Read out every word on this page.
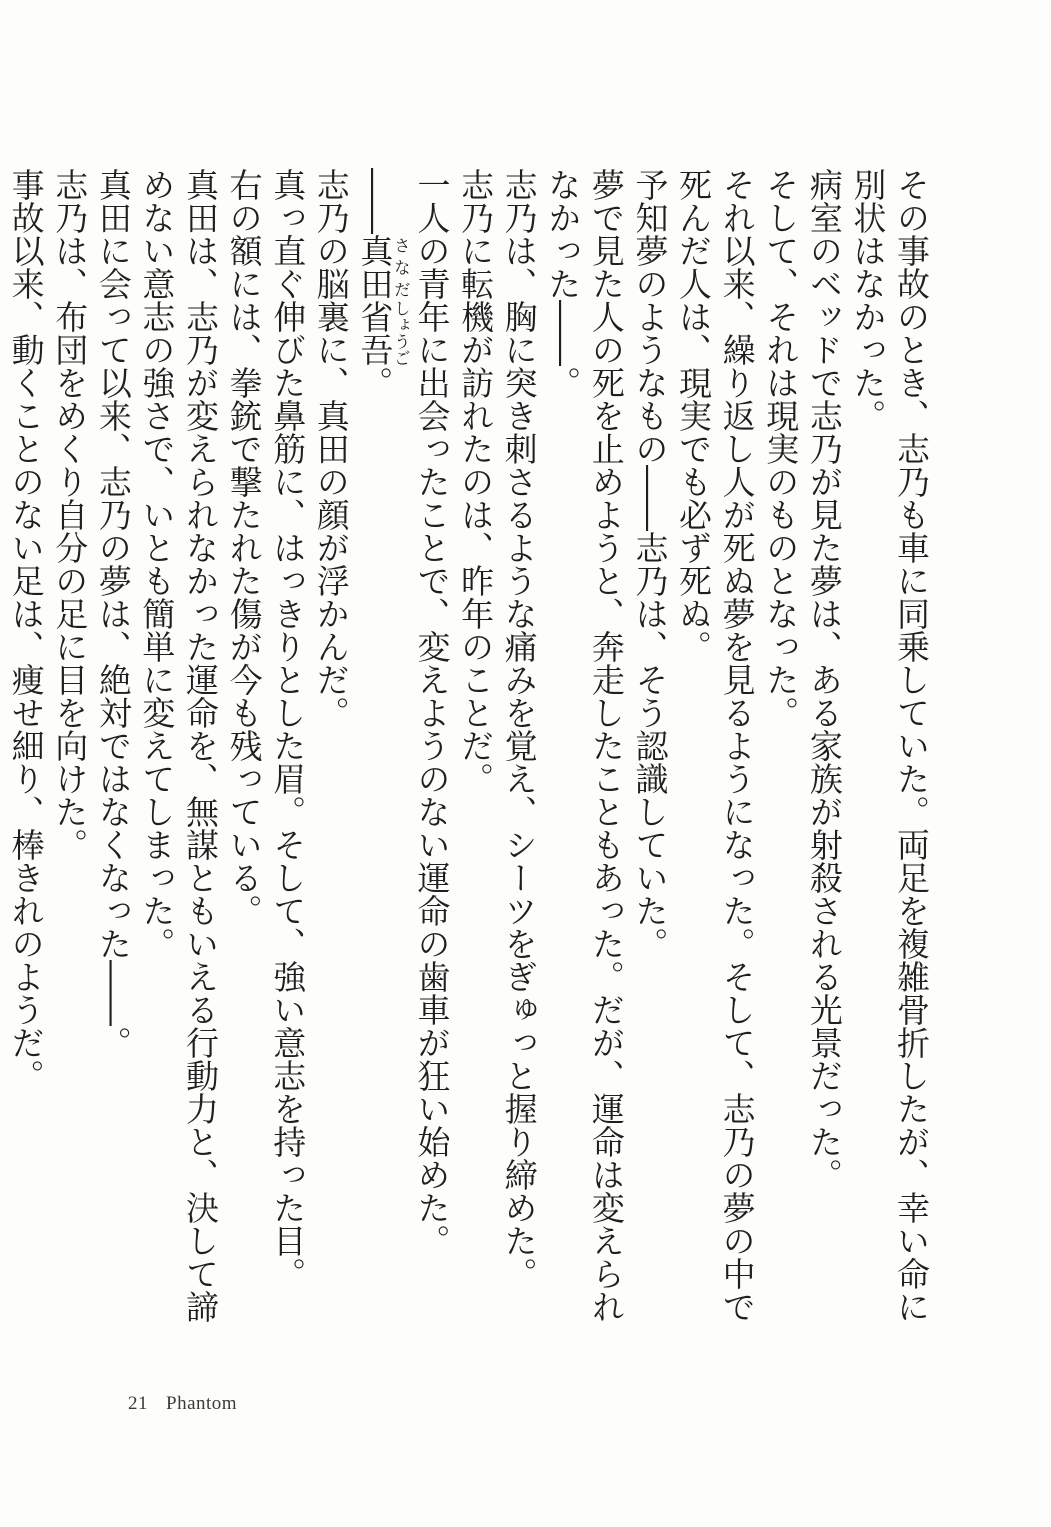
その事故のとき、志乃も車に同乗していた。両足を複雑骨折したが、幸い命に別状はなかった。

病室のベッドで志乃が見た夢は、ある家族が射殺される光景だった。

そして、それは現実のものとなった。

それ以来、繰り返し人が死ぬ夢を見るようになった。そして、志乃の夢の中で死んだ人は、現実でも必ず死ぬ。

予知夢のようなもの――志乃は、そう認識していた。

夢で見た人の死を止めようと、奔走したこともあった。だが、運命は変えられなかった――。

志乃は、胸に突き刺さるような痛みを覚え、シーツをぎゅっと握り締めた。

志乃に転機が訪れたのは、昨年のことだ。

一人の青年に出会ったことで、変えようのない運命の歯車が狂い始めた。

――真田さなだ省吾しょうご。

志乃の脳裏に、真田の顔が浮かんだ。

真っ直ぐ伸びた鼻筋に、はっきりとした眉。そして、強い意志を持った目。

右の額には、拳銃で撃たれた傷が今も残っている。

真田は、志乃が変えられなかった運命を、無謀ともいえる行動力と、決して諦めない意志の強さで、いとも簡単に変えてしまった。

真田に会って以来、志乃の夢は、絶対ではなくなった――。

志乃は、布団をめくり自分の足に目を向けた。

事故以来、動くことのない足は、痩せ細り、棒きれのようだ。

21 Phantom
